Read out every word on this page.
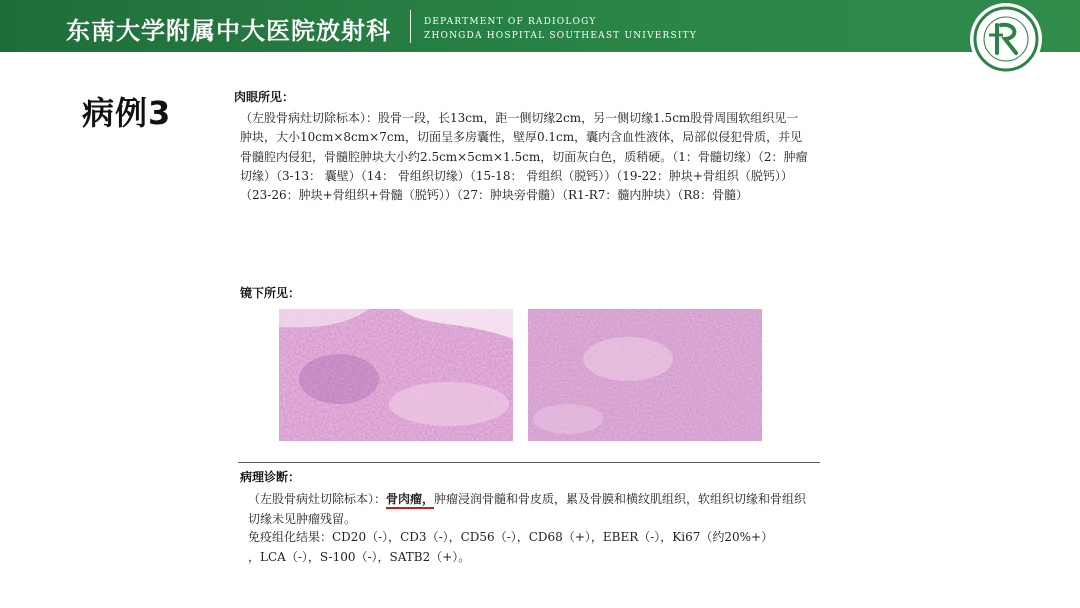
东南大学附属中大医院放射科	DEPARTMENT OF RADIOLOGY
ZHONGDA HOSPITAL SOUTHEAST UNIVERSITY
病例3	肉眼所见：
（左股骨病灶切除标本）：股骨一段，长13cm，距一侧切缘2cm，另一侧切缘1.5cm股骨周围软组织见一肿块，大小10cm×8cm×7cm，切面呈多房囊性，壁厚0.1cm，囊内含血性液体，局部似侵犯骨质，并见骨髓腔内侵犯，骨髓腔肿块大小约2.5cm×5cm×1.5cm，切面灰白色，质稍硬。（1：骨髓切缘）（2：肿瘤切缘）（3-13： 囊壁）（14： 骨组织切缘）（15-18： 骨组织（脱钙））（19-22：肿块+骨组织（脱钙））（23-26：肿块+骨组织+骨髓（脱钙））（27：肿块旁骨髓）（R1-R7：髓内肿块）（R8：骨髓）
镜下所见：
病理诊断：
（左股骨病灶切除标本）：骨肉瘤，肿瘤浸润骨髓和骨皮质，累及骨膜和横纹肌组织，软组织切缘和骨组织切缘未见肿瘤残留。
免疫组化结果：CD20（-），CD3（-），CD56（-），CD68（+），EBER（-），Ki67（约20%+）
，LCA（-），S-100（-），SATB2（+）。
